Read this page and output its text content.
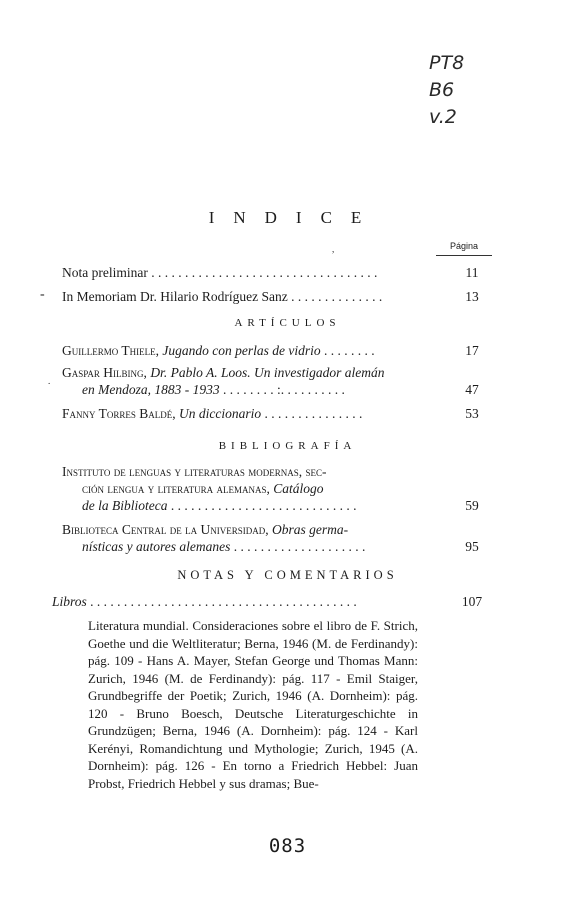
PT8
B6
v.2
INDICE
,	Página
-
Nota preliminar . . . . . . . . . . . . . . . . . . . . . . . . . . . . . . . . . .	11
In Memoriam Dr. Hilario Rodríguez Sanz . . . . . . . . . . . . . .	13
ARTÍCULOS
Guillermo Thiele, Jugando con perlas de vidrio . . . . . . . .	17
Gaspar Hilbing, Dr. Pablo A. Loos. Un investigador alemán
en Mendoza, 1883 - 1933 . . . . . . . . :. . . . . . . . . .	47
.
Fanny Torres Baldé, Un diccionario . . . . . . . . . . . . . . .	53
BIBLIOGRAFÍA
Instituto de lenguas y literaturas modernas, sec-
ción lengua y literatura alemanas, Catálogo
de la Biblioteca . . . . . . . . . . . . . . . . . . . . . . . . . . . .	59
Biblioteca Central de la Universidad, Obras germa-
nísticas y autores alemanes . . . . . . . . . . . . . . . . . . . .	95
NOTAS Y COMENTARIOS
Libros . . . . . . . . . . . . . . . . . . . . . . . . . . . . . . . . . . . . . . . .	107
Literatura mundial. Consideraciones sobre el libro de F. Strich, Goethe und die Weltliteratur; Berna, 1946 (M. de Ferdinandy): pág. 109 - Hans A. Mayer, Stefan George und Thomas Mann: Zurich, 1946 (M. de Ferdinandy): pág. 117 - Emil Staiger, Grundbegriffe der Poetik; Zurich, 1946 (A. Dornheim): pág. 120 - Bruno Boesch, Deutsche Literaturgeschichte in Grundzügen; Berna, 1946 (A. Dornheim): pág. 124 - Karl Kerényi, Romandichtung und Mythologie; Zurich, 1945 (A. Dornheim): pág. 126 - En torno a Friedrich Hebbel: Juan Probst, Friedrich Hebbel y sus dramas; Bue-
083
